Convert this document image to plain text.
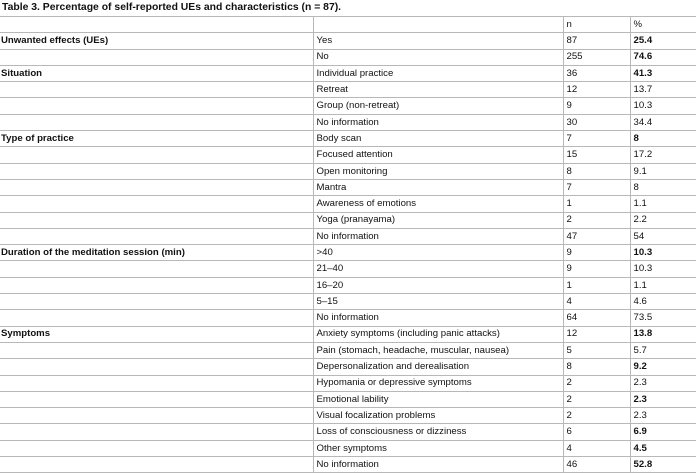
Table 3. Percentage of self-reported UEs and characteristics (n = 87).
		n	%
Unwanted effects (UEs)	Yes	87	25.4
	No	255	74.6
Situation	Individual practice	36	41.3
	Retreat	12	13.7
	Group (non-retreat)	9	10.3
	No information	30	34.4
Type of practice	Body scan	7	8
	Focused attention	15	17.2
	Open monitoring	8	9.1
	Mantra	7	8
	Awareness of emotions	1	1.1
	Yoga (pranayama)	2	2.2
	No information	47	54
Duration of the meditation session (min)	>40	9	10.3
	21–40	9	10.3
	16–20	1	1.1
	5–15	4	4.6
	No information	64	73.5
Symptoms	Anxiety symptoms (including panic attacks)	12	13.8
	Pain (stomach, headache, muscular, nausea)	5	5.7
	Depersonalization and derealisation	8	9.2
	Hypomania or depressive symptoms	2	2.3
	Emotional lability	2	2.3
	Visual focalization problems	2	2.3
	Loss of consciousness or dizziness	6	6.9
	Other symptoms	4	4.5
	No information	46	52.8
